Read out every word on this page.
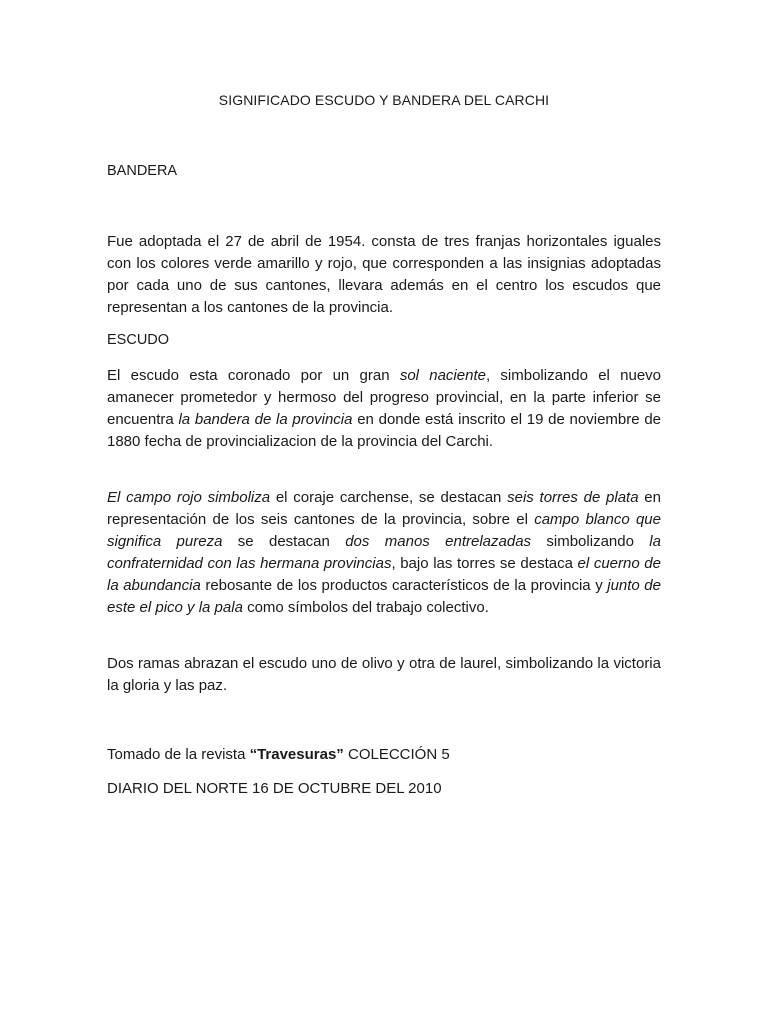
SIGNIFICADO ESCUDO Y BANDERA DEL CARCHI
BANDERA

Fue adoptada el 27 de abril de 1954. consta de tres franjas horizontales iguales con los colores verde amarillo y rojo, que corresponden a las insignias adoptadas por cada uno de sus cantones, llevara además en el centro los escudos que representan a los cantones de la provincia.

ESCUDO

El escudo esta coronado por un gran sol naciente, simbolizando el nuevo amanecer prometedor y hermoso del progreso provincial, en la parte inferior se encuentra la bandera de la provincia en donde está inscrito el 19 de noviembre de 1880 fecha de provincializacion de la provincia del Carchi.

El campo rojo simboliza el coraje carchense, se destacan seis torres de plata en representación de los seis cantones de la provincia, sobre el campo blanco que significa pureza se destacan dos manos entrelazadas simbolizando la confraternidad con las hermana provincias, bajo las torres se destaca el cuerno de la abundancia rebosante de los productos característicos de la provincia y junto de este el pico y la pala como símbolos del trabajo colectivo.

Dos ramas abrazan el escudo uno de olivo y otra de laurel, simbolizando la victoria la gloria y las paz.

Tomado de la revista “Travesuras” COLECCIÓN 5

DIARIO DEL NORTE 16 DE OCTUBRE DEL 2010
